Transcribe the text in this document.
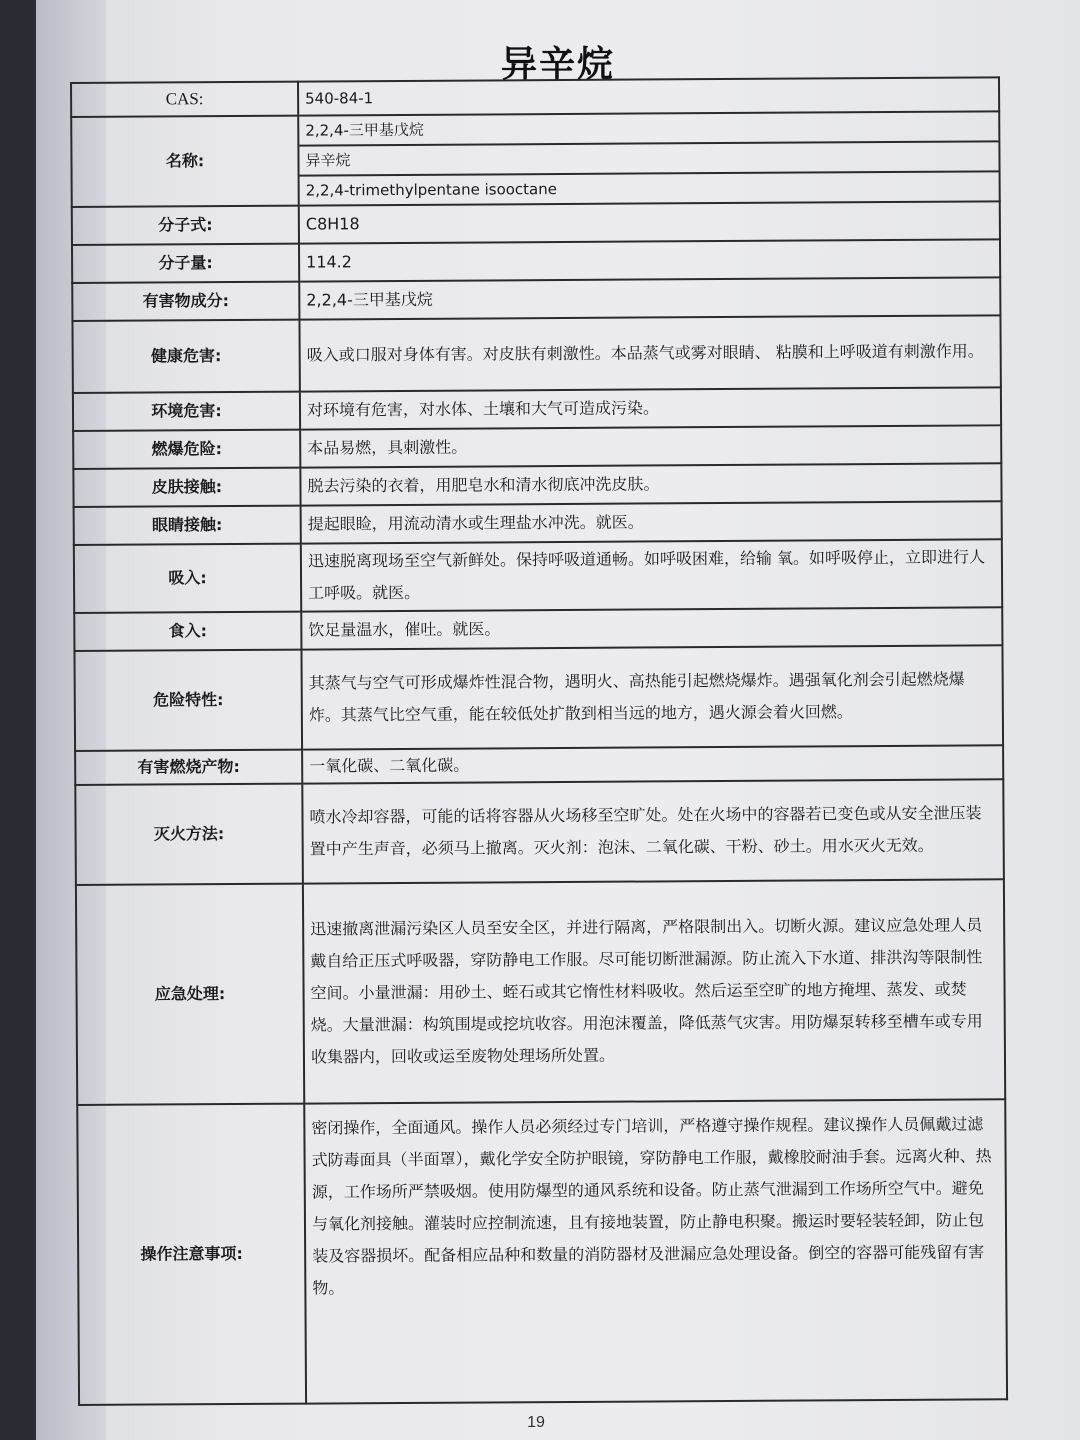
异辛烷
CAS:	540-84-1
名称:	2,2,4-三甲基戊烷
异辛烷
2,2,4-trimethylpentane isooctane

分子式:	C8H18
分子量:	114.2
有害物成分:	2,2,4-三甲基戊烷
健康危害:	吸入或口服对身体有害。对皮肤有刺激性。本品蒸气或雾对眼睛、 粘膜和上呼吸道有刺激作用。
环境危害:	对环境有危害，对水体、土壤和大气可造成污染。
燃爆危险:	本品易燃，具刺激性。
皮肤接触:	脱去污染的衣着，用肥皂水和清水彻底冲洗皮肤。
眼睛接触:	提起眼睑，用流动清水或生理盐水冲洗。就医。
吸入:	迅速脱离现场至空气新鲜处。保持呼吸道通畅。如呼吸困难，给输 氧。如呼吸停止，立即进行人工呼吸。就医。
食入:	饮足量温水，催吐。就医。
危险特性:	其蒸气与空气可形成爆炸性混合物，遇明火、高热能引起燃烧爆炸。遇强氧化剂会引起燃烧爆炸。其蒸气比空气重，能在较低处扩散到相当远的地方，遇火源会着火回燃。
有害燃烧产物:	一氧化碳、二氧化碳。
灭火方法:	喷水冷却容器，可能的话将容器从火场移至空旷处。处在火场中的容器若已变色或从安全泄压装置中产生声音，必须马上撤离。灭火剂：泡沫、二氧化碳、干粉、砂土。用水灭火无效。
应急处理:	迅速撤离泄漏污染区人员至安全区，并进行隔离，严格限制出入。切断火源。建议应急处理人员戴自给正压式呼吸器，穿防静电工作服。尽可能切断泄漏源。防止流入下水道、排洪沟等限制性空间。小量泄漏：用砂土、蛭石或其它惰性材料吸收。然后运至空旷的地方掩埋、蒸发、或焚烧。大量泄漏：构筑围堤或挖坑收容。用泡沫覆盖，降低蒸气灾害。用防爆泵转移至槽车或专用收集器内，回收或运至废物处理场所处置。
操作注意事项:	密闭操作，全面通风。操作人员必须经过专门培训，严格遵守操作规程。建议操作人员佩戴过滤式防毒面具（半面罩），戴化学安全防护眼镜，穿防静电工作服，戴橡胶耐油手套。远离火种、热源，工作场所严禁吸烟。使用防爆型的通风系统和设备。防止蒸气泄漏到工作场所空气中。避免与氧化剂接触。灌装时应控制流速，且有接地装置，防止静电积聚。搬运时要轻装轻卸，防止包装及容器损坏。配备相应品种和数量的消防器材及泄漏应急处理设备。倒空的容器可能残留有害物。
19
